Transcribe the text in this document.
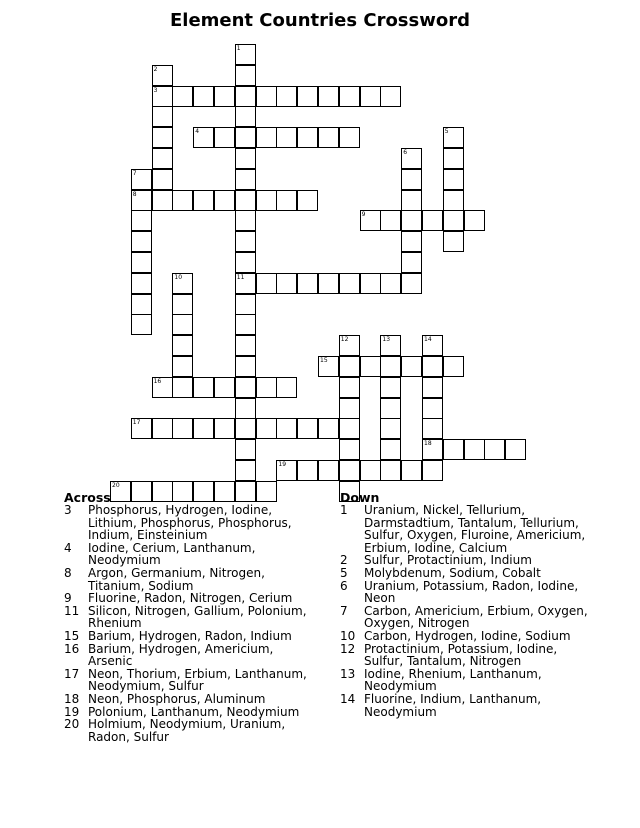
Element Countries Crossword
1
11
2
3
4	5
6
7
8
9
10
12	13	14
18
15
16
17
19
20
Across
3	Phosphorus, Hydrogen, Iodine, Lithium, Phosphorus, Phosphorus, Indium, Einsteinium
4	Iodine, Cerium, Lanthanum, Neodymium
8	Argon, Germanium, Nitrogen, Titanium, Sodium
9	Fluorine, Radon, Nitrogen, Cerium
11 Silicon, Nitrogen, Gallium, Polonium, Rhenium
15 Barium, Hydrogen, Radon, Indium
16 Barium, Hydrogen, Americium, Arsenic
17 Neon, Thorium, Erbium, Lanthanum, Neodymium, Sulfur
18 Neon, Phosphorus, Aluminum
19 Polonium, Lanthanum, Neodymium
20 Holmium, Neodymium, Uranium, Radon, Sulfur
Down
1	Uranium, Nickel, Tellurium, Darmstadtium, Tantalum, Tellurium, Sulfur, Oxygen, Fluroine, Americium, Erbium, Iodine, Calcium
2	Sulfur, Protactinium, Indium
5	Molybdenum, Sodium, Cobalt
6	Uranium, Potassium, Radon, Iodine, Neon
7	Carbon, Americium, Erbium, Oxygen, Oxygen, Nitrogen
10 Carbon, Hydrogen, Iodine, Sodium
12 Protactinium, Potassium, Iodine, Sulfur, Tantalum, Nitrogen
13 Iodine, Rhenium, Lanthanum, Neodymium
14 Fluorine, Indium, Lanthanum, Neodymium
